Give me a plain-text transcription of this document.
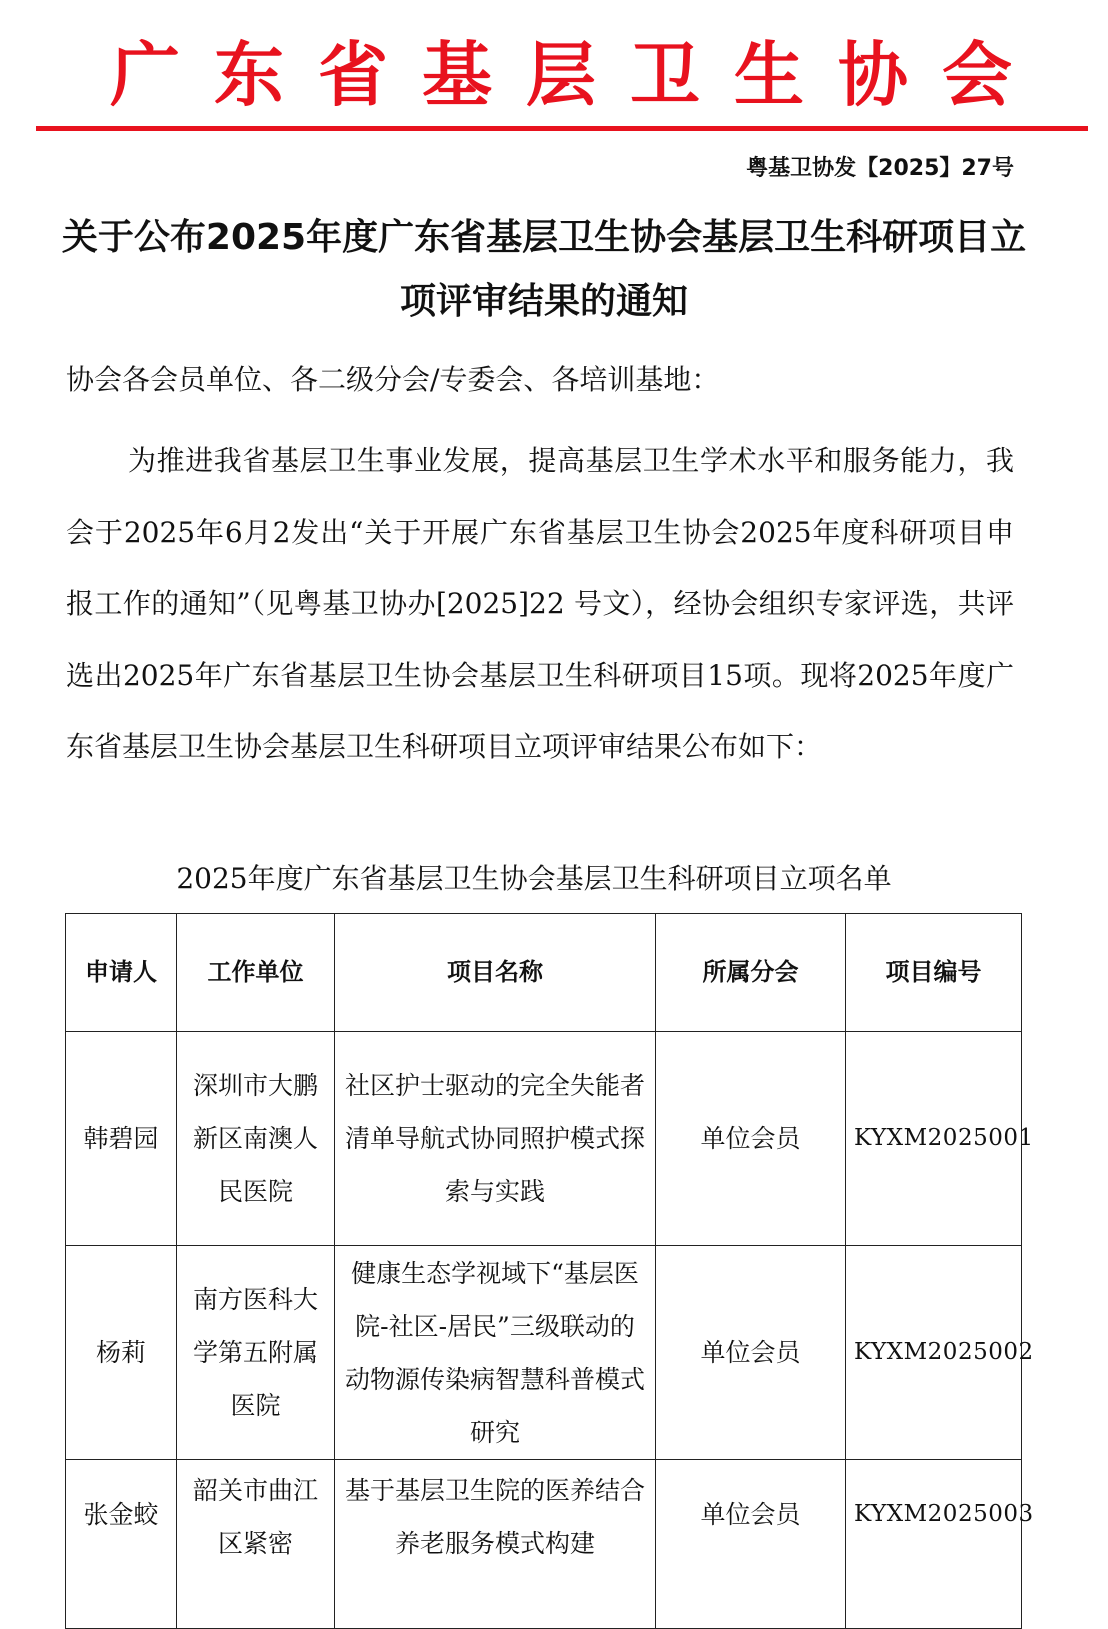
广东省基层卫生协会
粤基卫协发【2025】27号
关于公布2025年度广东省基层卫生协会基层卫生科研项目立项评审结果的通知
协会各会员单位、各二级分会/专委会、各培训基地：

为推进我省基层卫生事业发展，提高基层卫生学术水平和服务能力，我会于2025年6月2发出“关于开展广东省基层卫生协会2025年度科研项目申报工作的通知”（见粤基卫协办[2025]22 号文），经协会组织专家评选，共评选出2025年广东省基层卫生协会基层卫生科研项目15项。现将2025年度广东省基层卫生协会基层卫生科研项目立项评审结果公布如下：

2025年度广东省基层卫生协会基层卫生科研项目立项名单
申请人	工作单位	项目名称	所属分会	项目编号
韩碧园	深圳市大鹏新区南澳人民医院	社区护士驱动的完全失能者清单导航式协同照护模式探索与实践	单位会员	KYXM2025001
杨莉	南方医科大学第五附属医院	健康生态学视域下“基层医院-社区-居民”三级联动的动物源传染病智慧科普模式研究	单位会员	KYXM2025002
张金蛟	韶关市曲江区紧密	基于基层卫生院的医养结合养老服务模式构建	单位会员	KYXM2025003
